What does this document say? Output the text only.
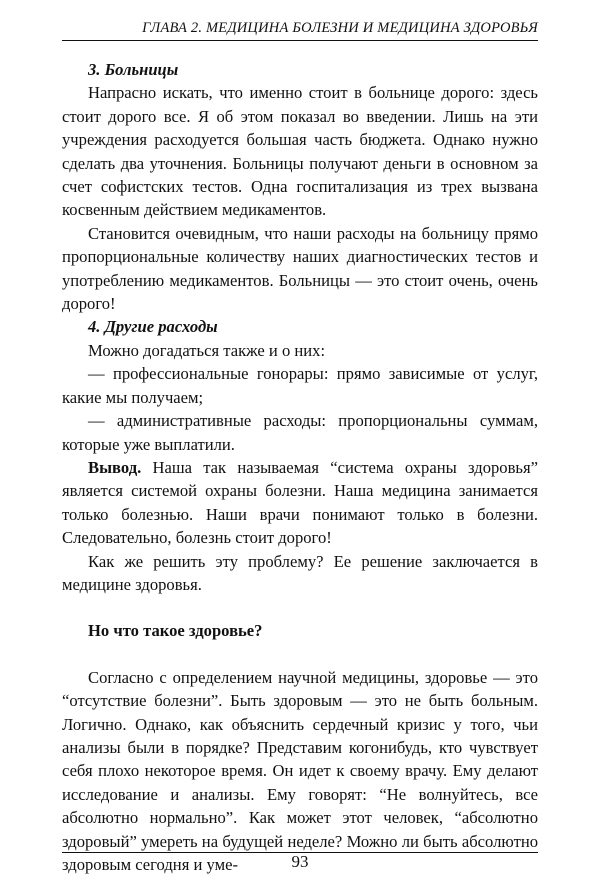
ГЛАВА 2. МЕДИЦИНА БОЛЕЗНИ И МЕДИЦИНА ЗДОРОВЬЯ

3. Больницы

Напрасно искать, что именно стоит в больнице дорого: здесь стоит дорого все. Я об этом показал во введении. Лишь на эти учреждения расходуется большая часть бюджета. Однако нужно сделать два уточнения. Больницы получают деньги в основном за счет софистских тестов. Одна госпитализация из трех вызвана косвенным действием медикаментов.

Становится очевидным, что наши расходы на больницу прямо пропорциональные количеству наших диагностических тестов и употреблению медикаментов. Больницы — это стоит очень, очень дорого!

4. Другие расходы

Можно догадаться также и о них:

— профессиональные гонорары: прямо зависимые от услуг, какие мы получаем;

— административные расходы: пропорциональны суммам, которые уже выплатили.

Вывод. Наша так называемая “система охраны здоровья” является системой охраны болезни. Наша медицина занимается только болезнью. Наши врачи понимают только в болезни. Следовательно, болезнь стоит дорого!

Как же решить эту проблему? Ее решение заключается в медицине здоровья.

Но что такое здоровье?

Согласно с определением научной медицины, здоровье — это “отсутствие болезни”. Быть здоровым — это не быть больным. Логично. Однако, как объяснить сердечный кризис у того, чьи анализы были в порядке? Представим когонибудь, кто чувствует себя плохо некоторое время. Он идет к своему врачу. Ему делают исследование и анализы. Ему говорят: “Не волнуйтесь, все абсолютно нормально”. Как может этот человек, “абсолютно здоровый” умереть на будущей неделе? Можно ли быть абсолютно здоровым сегодня и уме-	93
